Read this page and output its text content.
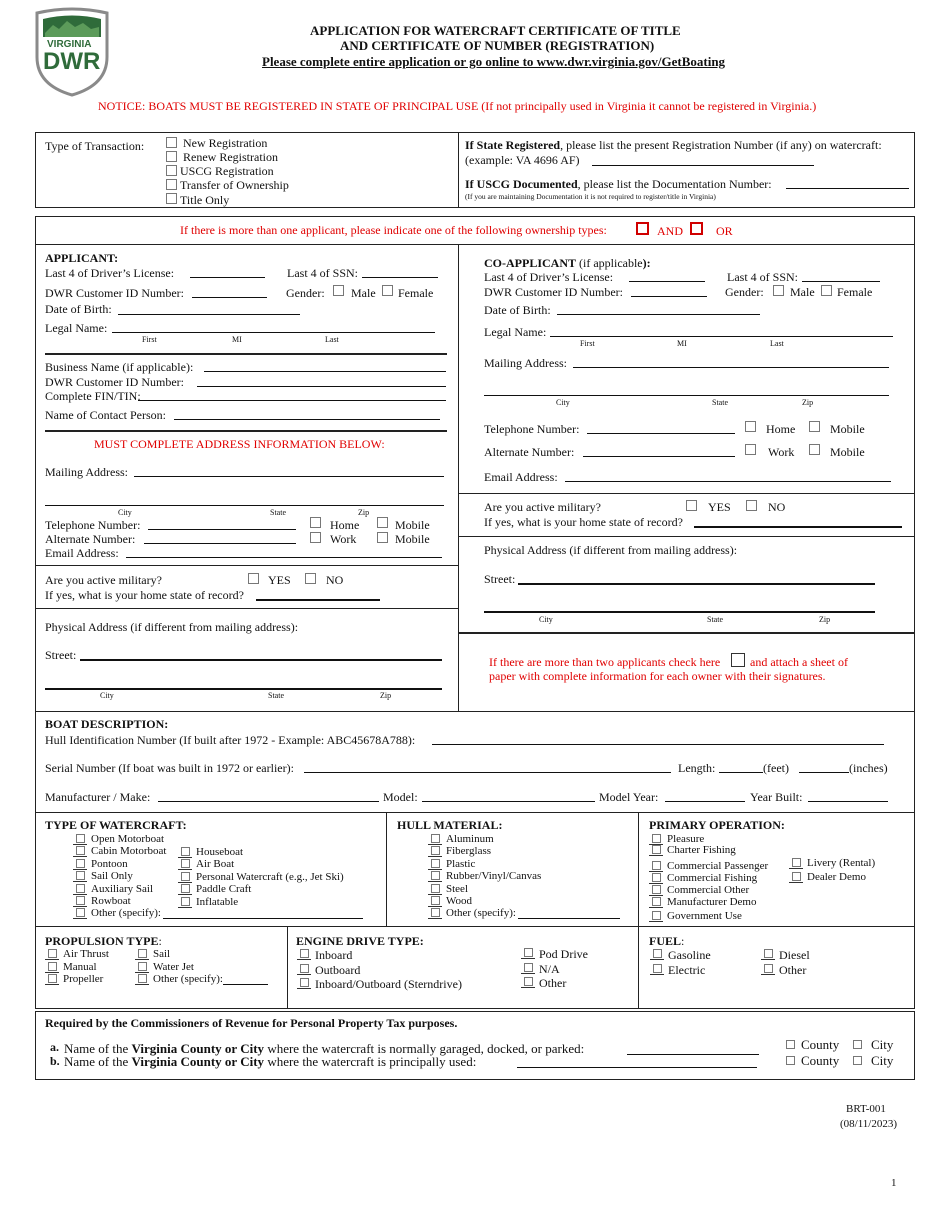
VIRGINIA
DWR
APPLICATION FOR WATERCRAFT CERTIFICATE OF TITLE
AND CERTIFICATE OF NUMBER (REGISTRATION)
Please complete entire application or go online to www.dwr.virginia.gov/GetBoating
NOTICE: BOATS MUST BE REGISTERED IN STATE OF PRINCIPAL USE (If not principally used in Virginia it cannot be registered in Virginia.)
Type of Transaction:	New Registration
Renew Registration
USCG Registration
Transfer of Ownership
Title Only
If State Registered, please list the present Registration Number (if any) on watercraft:
(example: VA 4696 AF)
If USCG Documented, please list the Documentation Number:
(If you are maintaining Documentation it is not required to register/title in Virginia)
If there is more than one applicant, please indicate one of the following ownership types:	AND	OR
APPLICANT:
Last 4 of Driver’s License:	Last 4 of SSN:
DWR Customer ID Number:	Gender: Male Female
Date of Birth:
Legal Name:
First	MI	Last
Business Name (if applicable):
DWR Customer ID Number:
Complete FIN/TIN:
Name of Contact Person:
MUST COMPLETE ADDRESS INFORMATION BELOW:
Mailing Address:
City	State	Zip
Telephone Number:	Home	Mobile
Alternate Number:	Work	Mobile
Email Address:
Are you active military?	YES	NO
If yes, what is your home state of record?
Physical Address (if different from mailing address):
Street:
City	State	Zip
CO-APPLICANT (if applicable):
Last 4 of Driver’s License:	Last 4 of SSN:
DWR Customer ID Number:	Gender: Male Female
Date of Birth:
Legal Name:
First	MI	Last
Mailing Address:
City	State	Zip
Telephone Number:	Home	Mobile
Alternate Number:	Work	Mobile
Email Address:
Are you active military?	YES	NO
If yes, what is your home state of record?
Physical Address (if different from mailing address):
Street:
City	State	Zip
If there are more than two applicants check here and attach a sheet of
paper with complete information for each owner with their signatures.
BOAT DESCRIPTION:
Hull Identification Number (If built after 1972 - Example: ABC45678A788):
Serial Number (If boat was built in 1972 or earlier):	Length:	(feet)	(inches)
Manufacturer / Make:	Model:	Model Year:	Year Built:
TYPE OF WATERCRAFT:
Open Motorboat
Cabin Motorboat
Pontoon
Sail Only
Auxiliary Sail
Rowboat
Houseboat
Air Boat
Personal Watercraft (e.g., Jet Ski)
Paddle Craft
Inflatable
Other (specify):
HULL MATERIAL:
Aluminum
Fiberglass
Plastic
Rubber/Vinyl/Canvas
Steel
Wood
Other (specify):
PRIMARY OPERATION:
Pleasure
Charter Fishing
Commercial Passenger
Commercial Fishing
Commercial Other
Manufacturer Demo
Government Use
Livery (Rental)
Dealer Demo
PROPULSION TYPE:
Air Thrust
Manual
Propeller
Sail
Water Jet
Other (specify):
ENGINE DRIVE TYPE:
Inboard
Outboard
Inboard/Outboard (Sterndrive)
Pod Drive
N/A
Other
FUEL:
Gasoline
Electric
Diesel
Other
Required by the Commissioners of Revenue for Personal Property Tax purposes.
a. Name of the Virginia County or City where the watercraft is normally garaged, docked, or parked:	County City
b. Name of the Virginia County or City where the watercraft is principally used:	County City
BRT-001
(08/11/2023)
1
